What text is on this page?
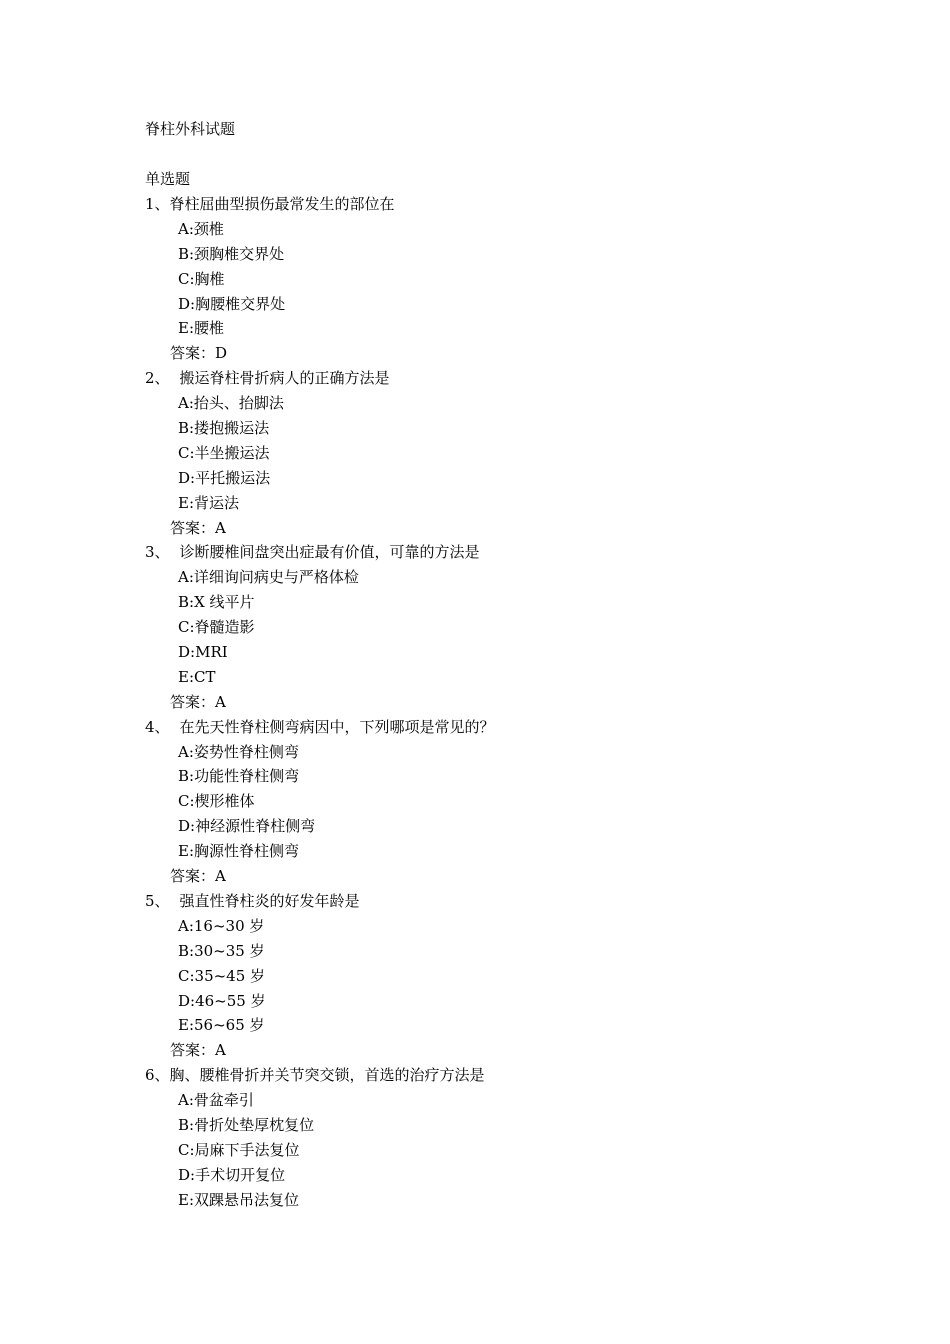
脊柱外科试题
单选题
1、脊柱屈曲型损伤最常发生的部位在
A:颈椎
B:颈胸椎交界处
C:胸椎
D:胸腰椎交界处
E:腰椎
答案：D
2、 搬运脊柱骨折病人的正确方法是
A:抬头、抬脚法
B:搂抱搬运法
C:半坐搬运法
D:平托搬运法
E:背运法
答案：A
3、 诊断腰椎间盘突出症最有价值，可靠的方法是
A:详细询问病史与严格体检
B:X 线平片
C:脊髓造影
D:MRI
E:CT
答案：A
4、 在先天性脊柱侧弯病因中，下列哪项是常见的？
A:姿势性脊柱侧弯
B:功能性脊柱侧弯
C:楔形椎体
D:神经源性脊柱侧弯
E:胸源性脊柱侧弯
答案：A
5、 强直性脊柱炎的好发年龄是
A:16~30 岁
B:30~35 岁
C:35~45 岁
D:46~55 岁
E:56~65 岁
答案：A
6、胸、腰椎骨折并关节突交锁，首选的治疗方法是
A:骨盆牵引
B:骨折处垫厚枕复位
C:局麻下手法复位
D:手术切开复位
E:双踝悬吊法复位
